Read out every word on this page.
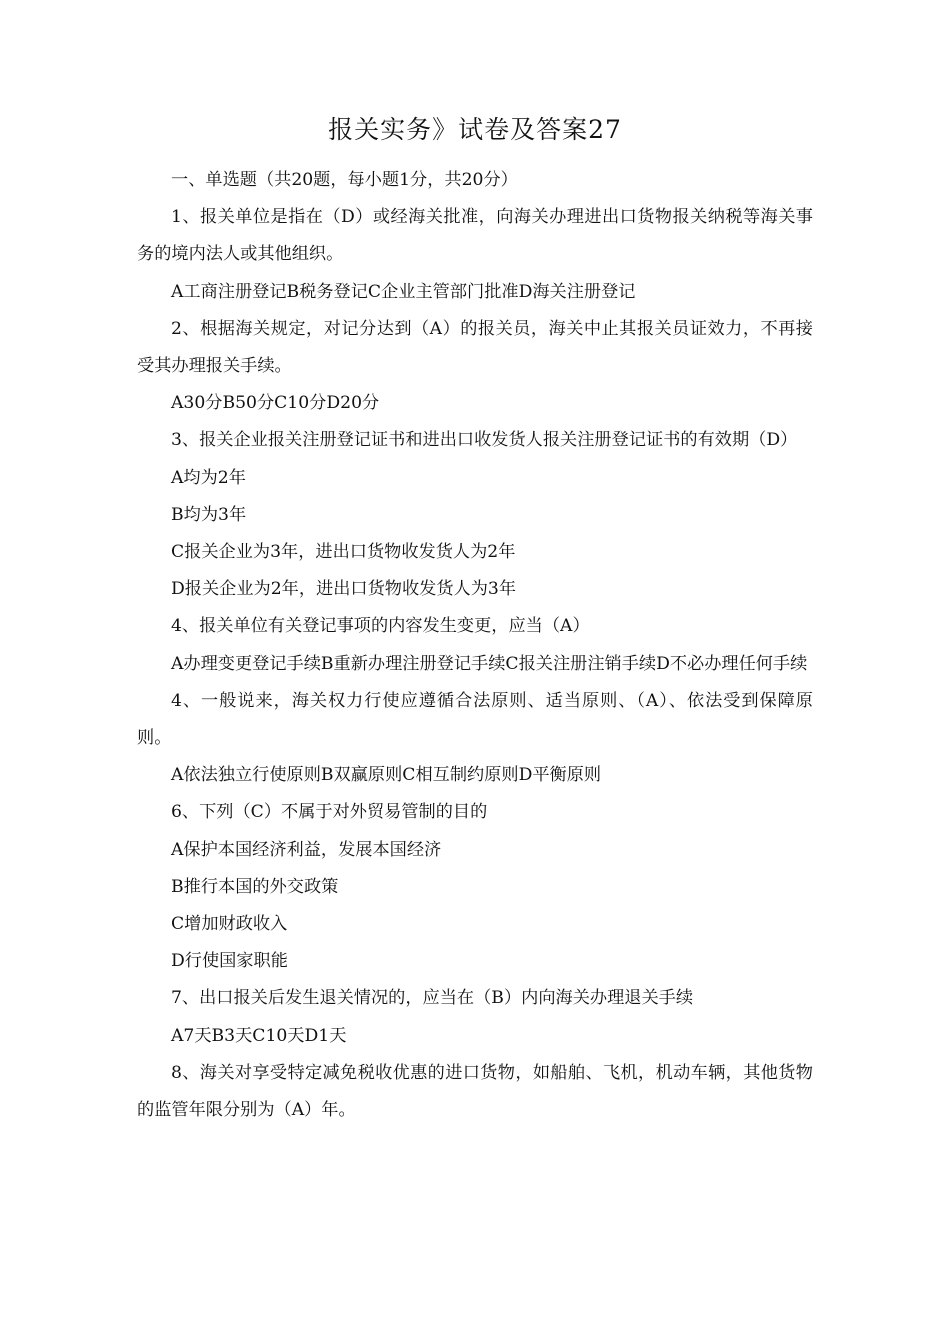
报关实务》试卷及答案27

一、单选题（共20题，每小题1分，共20分）

1、报关单位是指在（D）或经海关批准，向海关办理进出口货物报关纳税等海关事务的境内法人或其他组织。

A工商注册登记B税务登记C企业主管部门批准D海关注册登记

2、根据海关规定，对记分达到（A）的报关员，海关中止其报关员证效力，不再接受其办理报关手续。

A30分B50分C10分D20分

3、报关企业报关注册登记证书和进出口收发货人报关注册登记证书的有效期（D）

A均为2年

B均为3年

C报关企业为3年，进出口货物收发货人为2年

D报关企业为2年，进出口货物收发货人为3年

4、报关单位有关登记事项的内容发生变更，应当（A）

A办理变更登记手续B重新办理注册登记手续C报关注册注销手续D不必办理任何手续

4、一般说来，海关权力行使应遵循合法原则、适当原则、（A）、依法受到保障原则。

A依法独立行使原则B双赢原则C相互制约原则D平衡原则

6、下列（C）不属于对外贸易管制的目的

A保护本国经济利益，发展本国经济

B推行本国的外交政策

C增加财政收入

D行使国家职能

7、出口报关后发生退关情况的，应当在（B）内向海关办理退关手续

A7天B3天C10天D1天

8、海关对享受特定减免税收优惠的进口货物，如船舶、飞机，机动车辆，其他货物的监管年限分别为（A）年。
